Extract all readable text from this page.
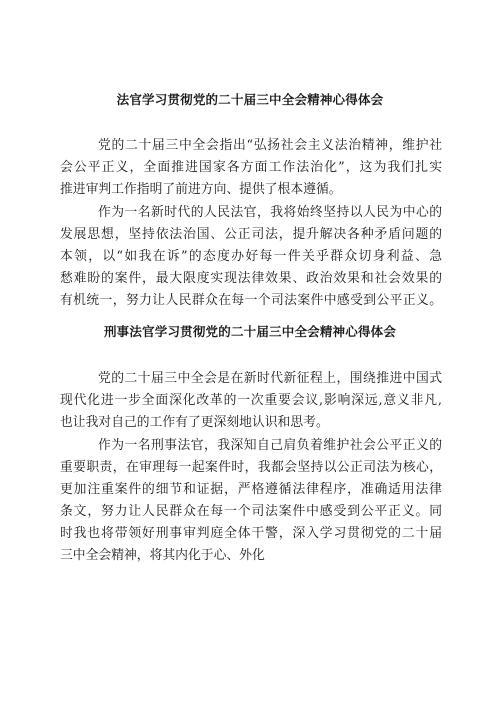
法官学习贯彻党的二十届三中全会精神心得体会
党的二十届三中全会指出“弘扬社会主义法治精神，维护社
会公平正义，全面推进国家各方面工作法治化”，这为我们扎实
推进审判工作指明了前进方向、提供了根本遵循。
作为一名新时代的人民法官，我将始终坚持以人民为中心的
发展思想，坚持依法治国、公正司法，提升解决各种矛盾问题的
本领，以“如我在诉”的态度办好每一件关乎群众切身利益、急
愁难盼的案件，最大限度实现法律效果、政治效果和社会效果的
有机统一，努力让人民群众在每一个司法案件中感受到公平正义。
刑事法官学习贯彻党的二十届三中全会精神心得体会
党的二十届三中全会是在新时代新征程上，围绕推进中国式
现代化进一步全面深化改革的一次重要会议,影响深远,意义非凡,
也让我对自己的工作有了更深刻地认识和思考。
作为一名刑事法官，我深知自己肩负着维护社会公平正义的
重要职责，在审理每一起案件时，我都会坚持以公正司法为核心，
更加注重案件的细节和证据，严格遵循法律程序，准确适用法律
条文，努力让人民群众在每一个司法案件中感受到公平正义。同
时我也将带领好刑事审判庭全体干警，深入学习贯彻党的二十届
三中全会精神，将其内化于心、外化
